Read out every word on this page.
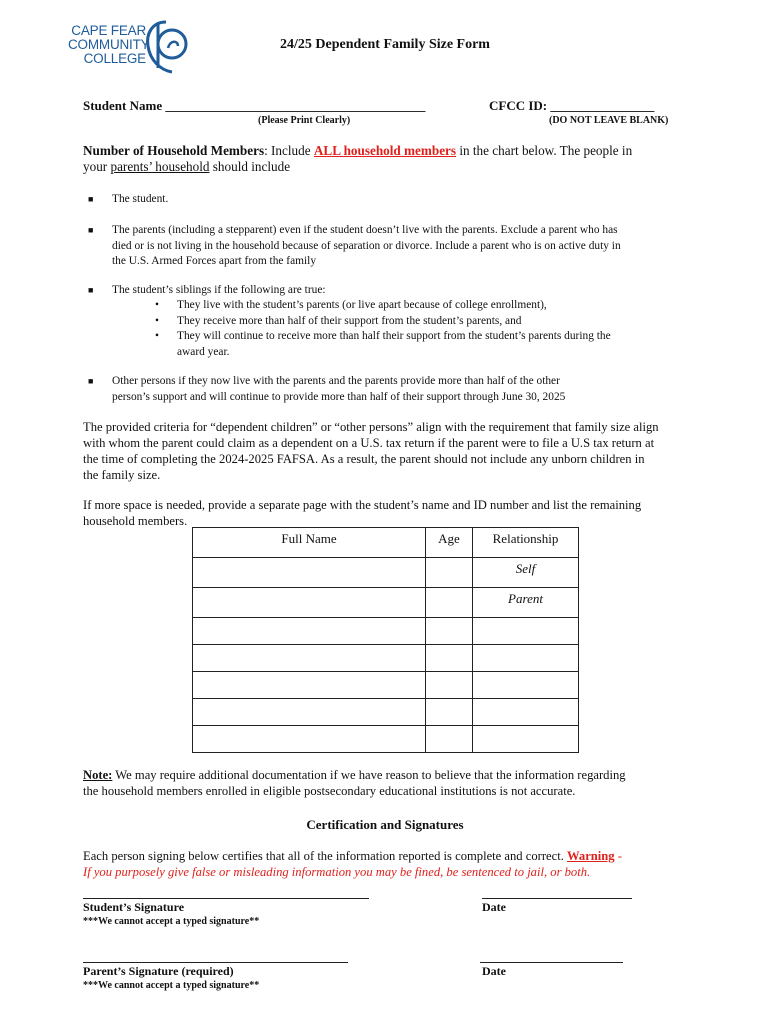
CAPE FEAR
COMMUNITY
COLLEGE
24/25 Dependent Family Size Form
Student Name ________________________________________
(Please Print Clearly)
CFCC ID: ________________
(DO NOT LEAVE BLANK)
Number of Household Members: Include ALL household members in the chart below. The people in
your parents’ household should include
■ The student.
■ The parents (including a stepparent) even if the student doesn’t live with the parents. Exclude a parent who has
died or is not living in the household because of separation or divorce. Include a parent who is on active duty in
the U.S. Armed Forces apart from the family
■ The student’s siblings if the following are true:
• They live with the student’s parents (or live apart because of college enrollment),
• They receive more than half of their support from the student’s parents, and
• They will continue to receive more than half their support from the student’s parents during the
award year.
■ Other persons if they now live with the parents and the parents provide more than half of the other
person’s support and will continue to provide more than half of their support through June 30, 2025
The provided criteria for “dependent children” or “other persons” align with the requirement that family size align
with whom the parent could claim as a dependent on a U.S. tax return if the parent were to file a U.S tax return at
the time of completing the 2024-2025 FAFSA. As a result, the parent should not include any unborn children in
the family size.
If more space is needed, provide a separate page with the student’s name and ID number and list the remaining
household members.
Full Name	Age	Relationship
		Self
		Parent

Note: We may require additional documentation if we have reason to believe that the information regarding
the household members enrolled in eligible postsecondary educational institutions is not accurate.
Certification and Signatures
Each person signing below certifies that all of the information reported is complete and correct. Warning -
If you purposely give false or misleading information you may be fined, be sentenced to jail, or both.
Student’s Signature
***We cannot accept a typed signature**
Date
Parent’s Signature (required)
***We cannot accept a typed signature**
Date
